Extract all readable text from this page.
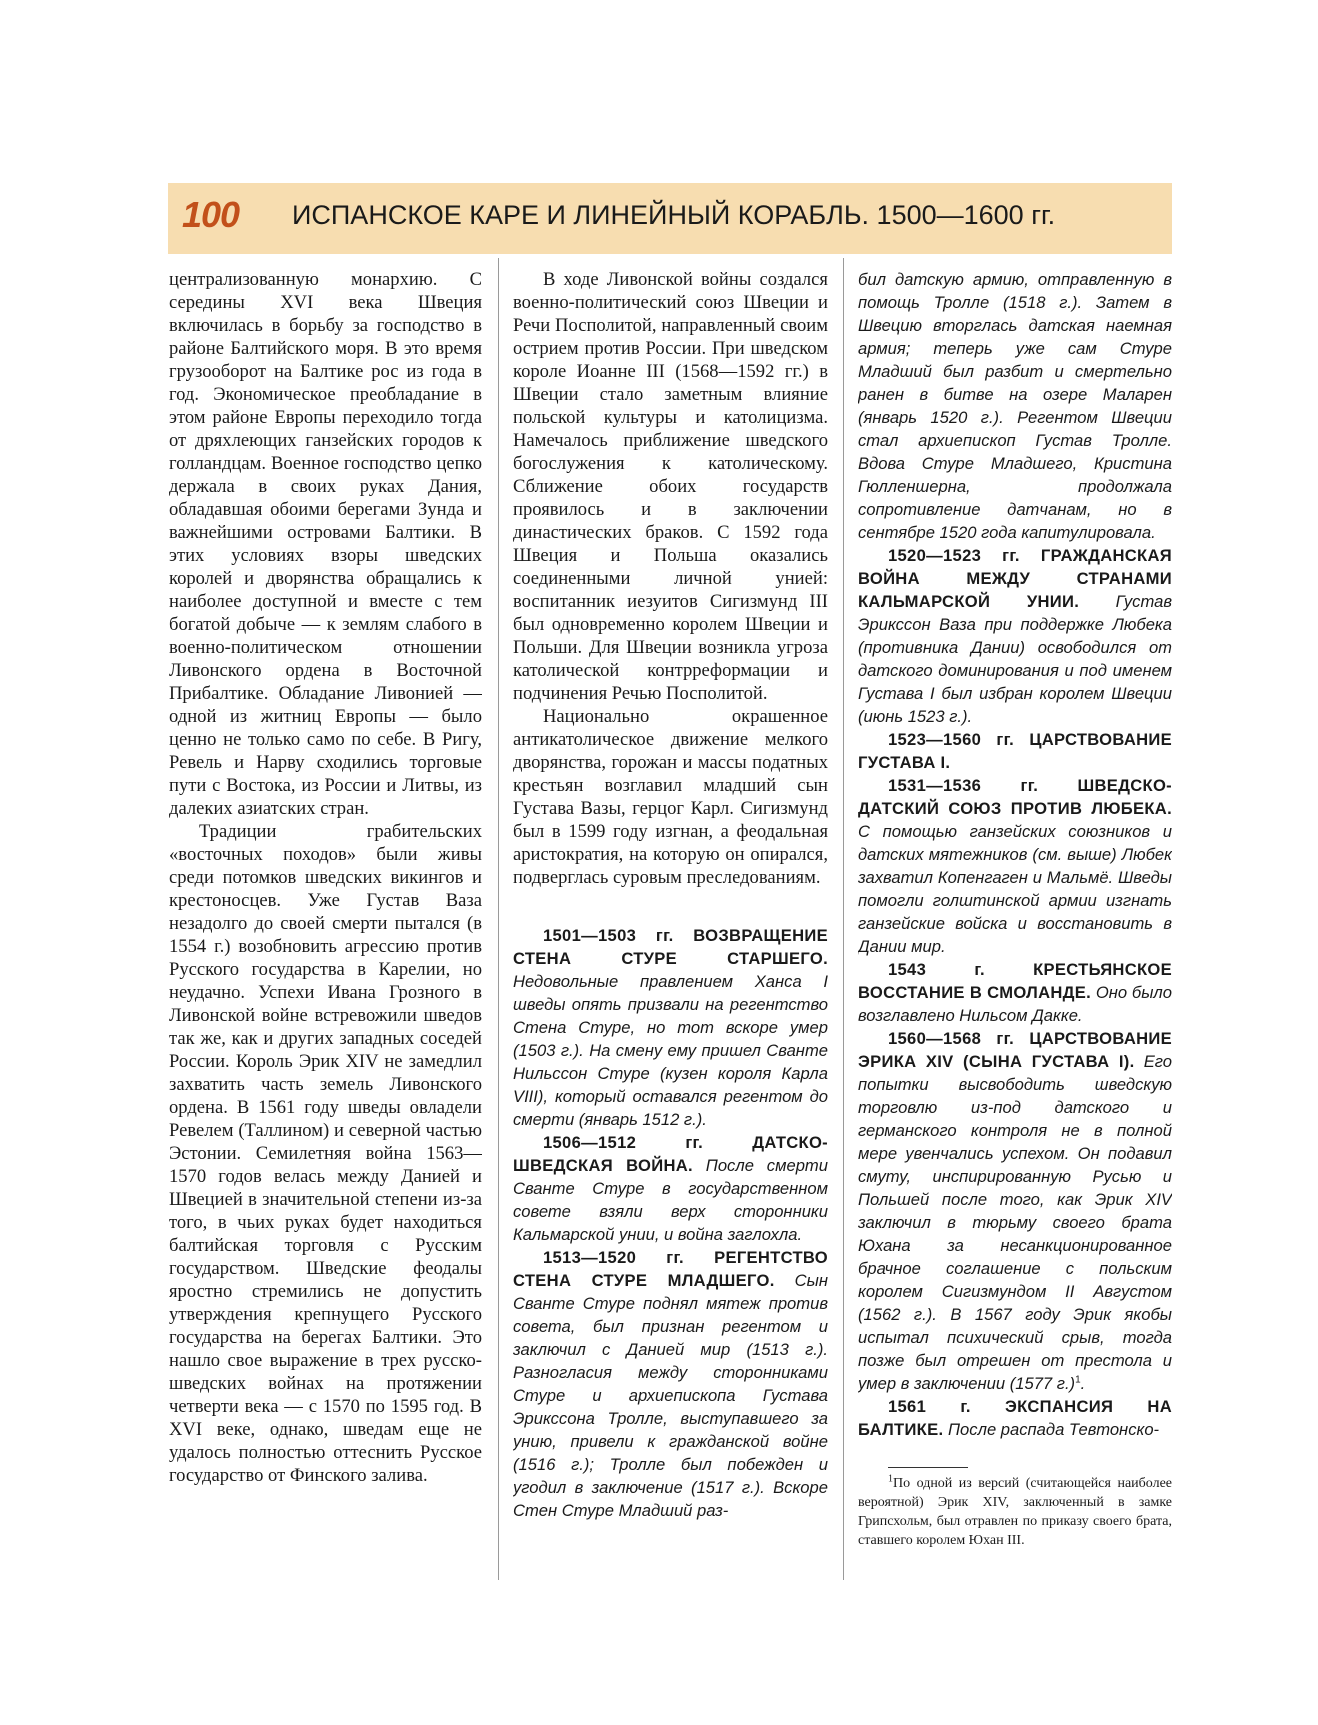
100 ИСПАНСКОЕ КАРЕ И ЛИНЕЙНЫЙ КОРАБЛЬ. 1500—1600 гг.

централизованную монархию. С середины XVI века Швеция включилась в борьбу за господство в районе Балтийского моря. В это время грузооборот на Балтике рос из года в год. Экономическое преобладание в этом районе Европы переходило тогда от дряхлеющих ганзейских городов к голландцам. Военное господство цепко держала в своих руках Дания, обладавшая обоими берегами Зунда и важнейшими островами Балтики. В этих условиях взоры шведских королей и дворянства обращались к наиболее доступной и вместе с тем богатой добыче — к землям слабого в военно-политическом отношении Ливонского ордена в Восточной Прибалтике. Обладание Ливонией — одной из житниц Европы — было ценно не только само по себе. В Ригу, Ревель и Нарву сходились торговые пути с Востока, из России и Литвы, из далеких азиатских стран.

Традиции грабительских «восточных походов» были живы среди потомков шведских викингов и крестоносцев. Уже Густав Ваза незадолго до своей смерти пытался (в 1554 г.) возобновить агрессию против Русского государства в Карелии, но неудачно. Успехи Ивана Грозного в Ливонской войне встревожили шведов так же, как и других западных соседей России. Король Эрик XIV не замедлил захватить часть земель Ливонского ордена. В 1561 году шведы овладели Ревелем (Таллином) и северной частью Эстонии. Семилетняя война 1563—1570 годов велась между Данией и Швецией в значительной степени из-за того, в чьих руках будет находиться балтийская торговля с Русским государством. Шведские феодалы яростно стремились не допустить утверждения крепнущего Русского государства на берегах Балтики. Это нашло свое выражение в трех русско-шведских войнах на протяжении четверти века — с 1570 по 1595 год. В XVI веке, однако, шведам еще не удалось полностью оттеснить Русское государство от Финского залива.

В ходе Ливонской войны создался военно-политический союз Швеции и Речи Посполитой, направленный своим острием против России. При шведском короле Иоанне III (1568—1592 гг.) в Швеции стало заметным влияние польской культуры и католицизма. Намечалось приближение шведского богослужения к католическому. Сближение обоих государств проявилось и в заключении династических браков. С 1592 года Швеция и Польша оказались соединенными личной унией: воспитанник иезуитов Сигизмунд III был одновременно королем Швеции и Польши. Для Швеции возникла угроза католической контрреформации и подчинения Речью Посполитой.

Национально окрашенное антикатолическое движение мелкого дворянства, горожан и массы податных крестьян возглавил младший сын Густава Вазы, герцог Карл. Сигизмунд был в 1599 году изгнан, а феодальная аристократия, на которую он опирался, подверглась суровым преследованиям.

1501—1503 гг. ВОЗВРАЩЕНИЕ СТЕНА СТУРЕ СТАРШЕГО. Недовольные правлением Ханса I шведы опять призвали на регентство Стена Стуре, но тот вскоре умер (1503 г.). На смену ему пришел Сванте Нильссон Стуре (кузен короля Карла VIII), который оставался регентом до смерти (январь 1512 г.).

1506—1512 гг. ДАТСКО-ШВЕДСКАЯ ВОЙНА. После смерти Сванте Стуре в государственном совете взяли верх сторонники Кальмарской унии, и война заглохла.

1513—1520 гг. РЕГЕНТСТВО СТЕНА СТУРЕ МЛАДШЕГО. Сын Сванте Стуре поднял мятеж против совета, был признан регентом и заключил с Данией мир (1513 г.). Разногласия между сторонниками Стуре и архиепископа Густава Эрикссона Тролле, выступавшего за унию, привели к гражданской войне (1516 г.); Тролле был побежден и угодил в заключение (1517 г.). Вскоре Стен Стуре Младший раз-

бил датскую армию, отправленную в помощь Тролле (1518 г.). Затем в Швецию вторглась датская наемная армия; теперь уже сам Стуре Младший был разбит и смертельно ранен в битве на озере Маларен (январь 1520 г.). Регентом Швеции стал архиепископ Густав Тролле. Вдова Стуре Младшего, Кристина Гюлленшерна, продолжала сопротивление датчанам, но в сентябре 1520 года капитулировала.

1520—1523 гг. ГРАЖДАНСКАЯ ВОЙНА МЕЖДУ СТРАНАМИ КАЛЬМАРСКОЙ УНИИ. Густав Эрикссон Ваза при поддержке Любека (противника Дании) освободился от датского доминирования и под именем Густава I был избран королем Швеции (июнь 1523 г.).

1523—1560 гг. ЦАРСТВОВАНИЕ ГУСТАВА I.

1531—1536 гг. ШВЕДСКО-ДАТСКИЙ СОЮЗ ПРОТИВ ЛЮБЕКА. С помощью ганзейских союзников и датских мятежников (см. выше) Любек захватил Копенгаген и Мальмё. Шведы помогли голштинской армии изгнать ганзейские войска и восстановить в Дании мир.

1543 г. КРЕСТЬЯНСКОЕ ВОССТАНИЕ В СМОЛАНДЕ. Оно было возглавлено Нильсом Дакке.

1560—1568 гг. ЦАРСТВОВАНИЕ ЭРИКА XIV (СЫНА ГУСТАВА I). Его попытки высвободить шведскую торговлю из-под датского и германского контроля не в полной мере увенчались успехом. Он подавил смуту, инспирированную Русью и Польшей после того, как Эрик XIV заключил в тюрьму своего брата Юхана за несанкционированное брачное соглашение с польским королем Сигизмундом II Августом (1562 г.). В 1567 году Эрик якобы испытал психический срыв, тогда позже был отрешен от престола и умер в заключении (1577 г.)$^1$.

1561 г. ЭКСПАНСИЯ НА БАЛТИКЕ. После распада Тевтонско-

$^1$По одной из версий (считающейся наиболее вероятной) Эрик XIV, заключенный в замке Грипсхольм, был отравлен по приказу своего брата, ставшего королем Юхан III.
